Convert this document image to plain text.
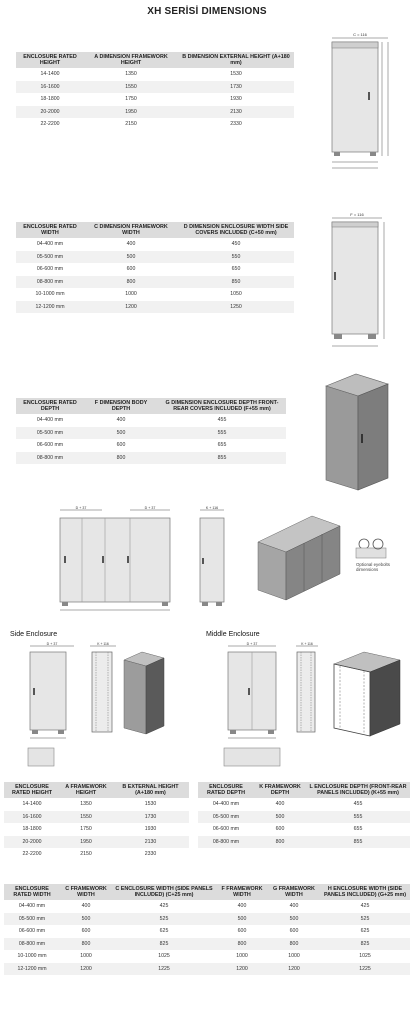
XH SERİSİ DIMENSIONS
ENCLOSURE RATED HEIGHT	A DIMENSION FRAMEWORK HEIGHT	B DIMENSION EXTERNAL HEIGHT (A+180 mm)
14-1400	1350	1530
16-1600	1550	1730
18-1800	1750	1930
20-2000	1950	2130
22-2200	2150	2330
ENCLOSURE RATED WIDTH	C DIMENSION FRAMEWORK WIDTH	D DIMENSION ENCLOSURE WIDTH SIDE COVERS INCLUDED (C+50 mm)
04-400 mm	400	450
05-500 mm	500	550
06-600 mm	600	650
08-800 mm	800	850
10-1000 mm	1000	1050
12-1200 mm	1200	1250
ENCLOSURE RATED DEPTH	F DIMENSION BODY DEPTH	G DIMENSION ENCLOSURE DEPTH FRONT-REAR COVERS INCLUDED (F+55 mm)
04-400 mm	400	455
05-500 mm	500	555
06-600 mm	600	655
08-800 mm	800	855
ENCLOSURE RATED HEIGHT	A FRAMEWORK HEIGHT	B EXTERNAL HEIGHT (A+180 mm)
14-1400	1350	1530
16-1600	1550	1730
18-1800	1750	1930
20-2000	1950	2130
22-2200	2150	2330
ENCLOSURE RATED DEPTH	K FRAMEWORK DEPTH	L ENCLOSURE DEPTH (FRONT-REAR PANELS INCLUDED) (K+55 mm)
04-400 mm	400	455
05-500 mm	500	555
06-600 mm	600	655
08-800 mm	800	855
ENCLOSURE RATED WIDTH	C FRAMEWORK WIDTH	C ENCLOSURE WIDTH (SIDE PANELS INCLUDED) (C+25 mm)	F FRAMEWORK WIDTH	G FRAMEWORK WIDTH	H ENCLOSURE WIDTH (SIDE PANELS INCLUDED) (G+25 mm)
04-400 mm	400	425	400	400	425
05-500 mm	500	525	500	500	525
06-600 mm	600	625	600	600	625
08-800 mm	800	825	800	800	825
10-1000 mm	1000	1025	1000	1000	1025
12-1200 mm	1200	1225	1200	1200	1225
Side Enclosure	Middle Enclosure
C = 116
F = 116
D + 37	D + 37	K + 116
Optional eyebolts dimensions
D + 37	K + 116	D + 37	K + 116
